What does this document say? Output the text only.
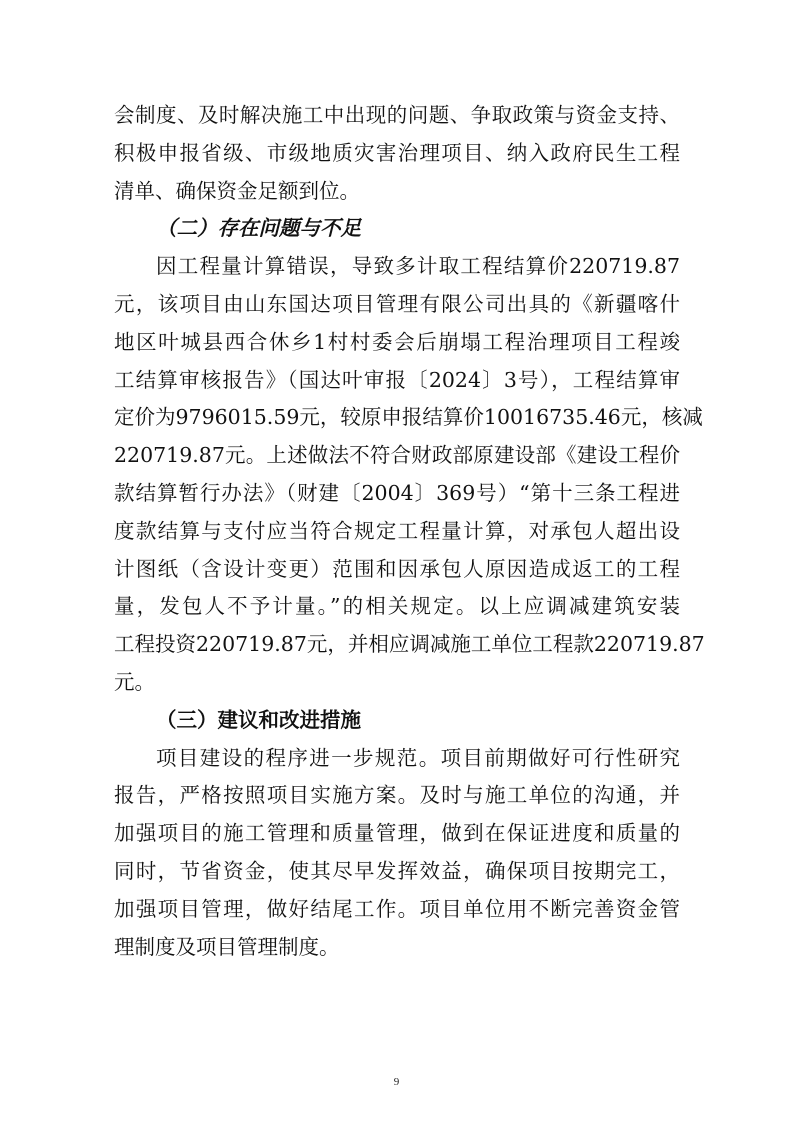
会制度、及时解决施工中出现的问题、争取政策与资金支持、
积极申报省级、市级地质灾害治理项目、纳入政府民生工程
清单、确保资金足额到位。
（二）存在问题与不足
因工程量计算错误，导致多计取工程结算价220719.87
元，该项目由山东国达项目管理有限公司出具的《新疆喀什
地区叶城县西合休乡1村村委会后崩塌工程治理项目工程竣
工结算审核报告》（国达叶审报〔2024〕3号），工程结算审
定价为9796015.59元，较原申报结算价10016735.46元，核减
220719.87元。上述做法不符合财政部原建设部《建设工程价
款结算暂行办法》（财建〔2004〕369号）“第十三条工程进
度款结算与支付应当符合规定工程量计算，对承包人超出设
计图纸（含设计变更）范围和因承包人原因造成返工的工程
量，发包人不予计量。”的相关规定。以上应调减建筑安装
工程投资220719.87元，并相应调减施工单位工程款220719.87
元。
（三）建议和改进措施
项目建设的程序进一步规范。项目前期做好可行性研究
报告，严格按照项目实施方案。及时与施工单位的沟通，并
加强项目的施工管理和质量管理，做到在保证进度和质量的
同时，节省资金，使其尽早发挥效益，确保项目按期完工，
加强项目管理，做好结尾工作。项目单位用不断完善资金管
理制度及项目管理制度。
9
